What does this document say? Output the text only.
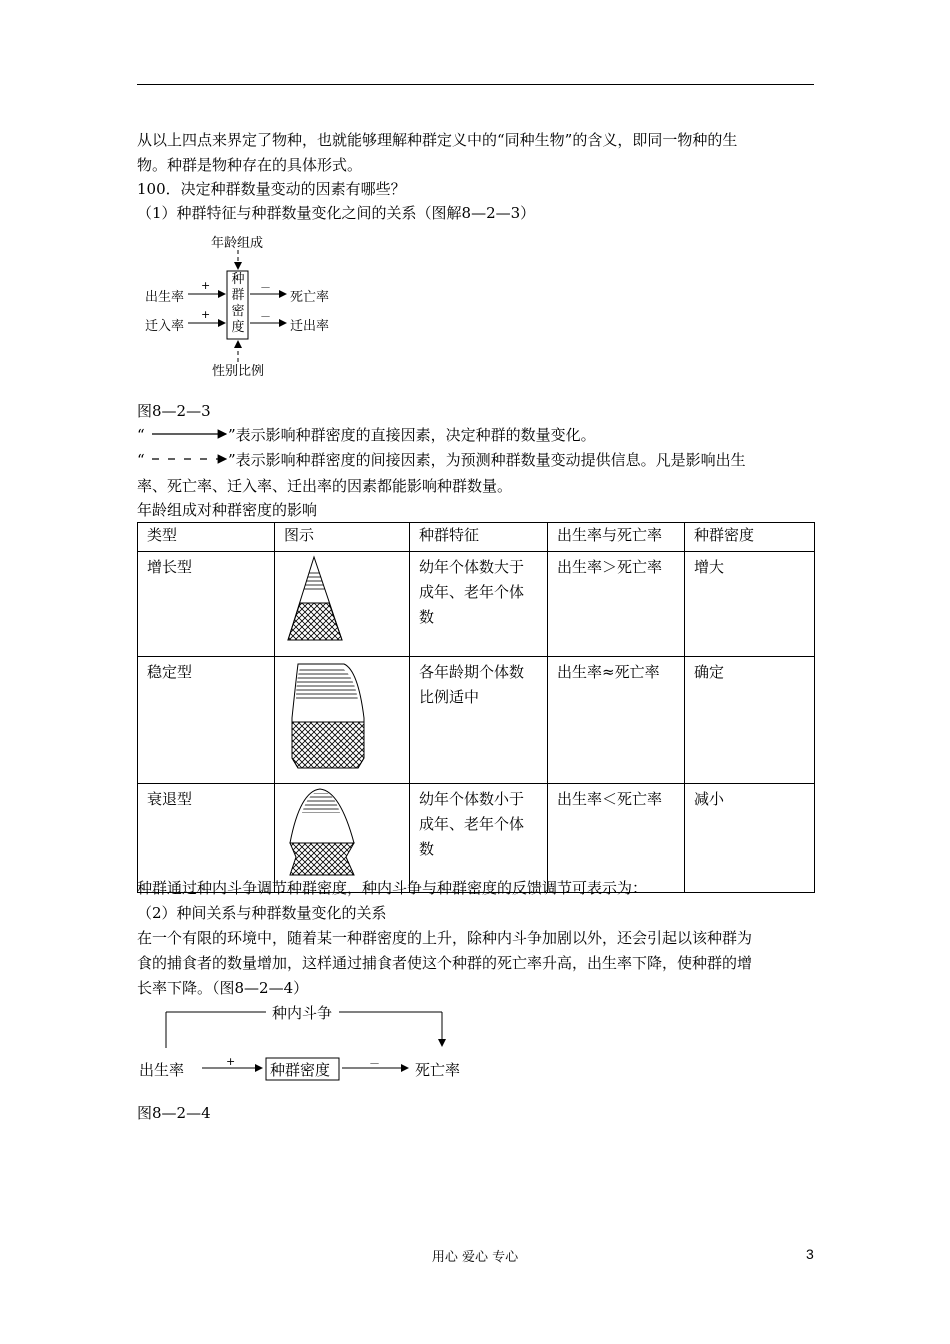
从以上四点来界定了物种，也就能够理解种群定义中的“同种生物”的含义，即同一物种的生
物。种群是物种存在的具体形式。
100．决定种群数量变动的因素有哪些？
（1）种群特征与种群数量变化之间的关系（图解8—2—3）
年龄组成
种
群
密
度
出生率
迁入率
死亡率
迁出率
+
+
－
－
性别比例
图8—2—3
“	”表示影响种群密度的直接因素，决定种群的数量变化。
“	”表示影响种群密度的间接因素，为预测种群数量变动提供信息。凡是影响出生
率、死亡率、迁入率、迁出率的因素都能影响种群数量。
年龄组成对种群密度的影响
类型	图示	种群特征	出生率与死亡率	种群密度
增长型		幼年个体数大于
成年、老年个体
数	出生率＞死亡率	增大
稳定型		各年龄期个体数
比例适中	出生率≈死亡率	确定
衰退型		幼年个体数小于
成年、老年个体
数	出生率＜死亡率	减小
种群通过种内斗争调节种群密度，种内斗争与种群密度的反馈调节可表示为：
（2）种间关系与种群数量变化的关系
在一个有限的环境中，随着某一种群密度的上升，除种内斗争加剧以外，还会引起以该种群为
食的捕食者的数量增加，这样通过捕食者使这个种群的死亡率升高，出生率下降，使种群的增
长率下降。（图8—2—4）
种内斗争
出生率	种群密度	死亡率
+	－
图8—2—4
用心 爱心 专心	3
